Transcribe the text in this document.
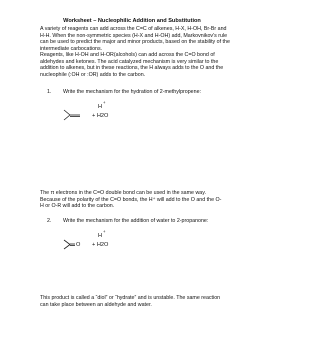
Worksheet – Nucleophilic Addition and Substitution
A variety of reagents can add across the C=C of alkenes, H-X, H-OH, Br-Br and
H-H. When the non-symmetric species (H-X and H-OH) add, Markovnikov's rule
can be used to predict the major and minor products, based on the stability of the
intermediate carbocations.
Reagents, like H-OH and H-OR(alcohols) can add across the C=O bond of
aldehydes and ketones. The acid catalyzed mechanism is very similar to the
addition to alkenes, but in these reactions, the H always adds to the O and the
nucleophile (:OH or :OR) adds to the carbon.
1. Write the mechanism for the hydration of 2-methylpropene:
H
+
+ H2O
The π electrons in the C=O double bond can be used in the same way.
Because of the polarity of the C=O bonds, the H⁺ will add to the O and the O-
H or O-R will add to the carbon.
2. Write the mechanism for the addition of water to 2-propanone:
H
+
O + H2O
This product is called a “diol” or “hydrate” and is unstable. The same reaction
can take place between an aldehyde and water.
